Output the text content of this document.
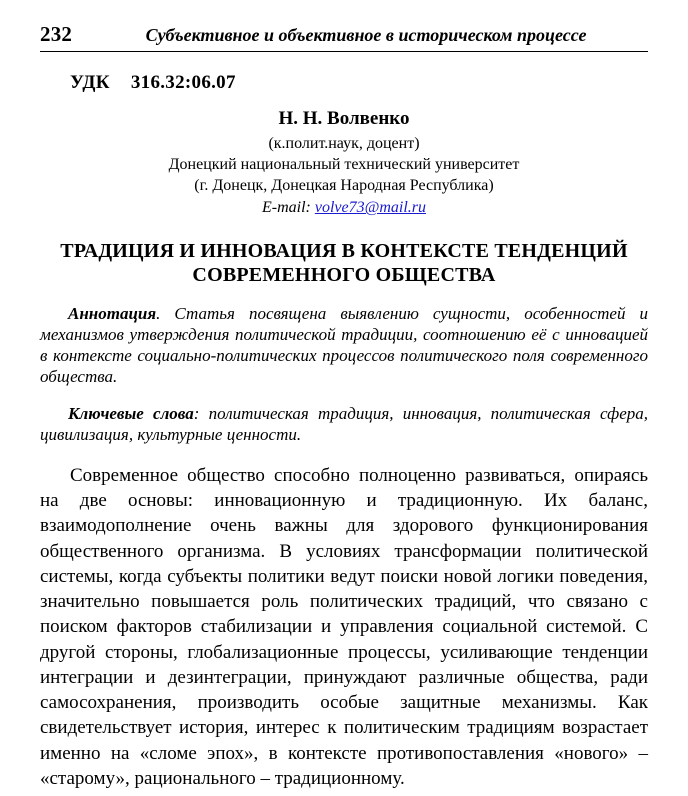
232	Субъективное и объективное в историческом процессе
УДК 316.32:06.07
Н. Н. Волвенко
(к.полит.наук, доцент)
Донецкий национальный технический университет
(г. Донецк, Донецкая Народная Республика)
E-mail: volve73@mail.ru
ТРАДИЦИЯ И ИННОВАЦИЯ В КОНТЕКСТЕ ТЕНДЕНЦИЙ СОВРЕМЕННОГО ОБЩЕСТВА

Аннотация. Статья посвящена выявлению сущности, особенностей и механизмов утверждения политической традиции, соотношению её с инновацией в контексте социально-политических процессов политического поля современного общества.

Ключевые слова: политическая традиция, инновация, политическая сфера, цивилизация, культурные ценности.

Современное общество способно полноценно развиваться, опираясь на две основы: инновационную и традиционную. Их баланс, взаимодополнение очень важны для здорового функционирования общественного организма. В условиях трансформации политической системы, когда субъекты политики ведут поиски новой логики поведения, значительно повышается роль политических традиций, что связано с поиском факторов стабилизации и управления социальной системой. С другой стороны, глобализационные процессы, усиливающие тенденции интеграции и дезинтеграции, принуждают различные общества, ради самосохранения, производить особые защитные механизмы. Как свидетельствует история, интерес к политическим традициям возрастает именно на «сломе эпох», в контексте противопоставления «нового» – «старому», рационального – традиционному.
